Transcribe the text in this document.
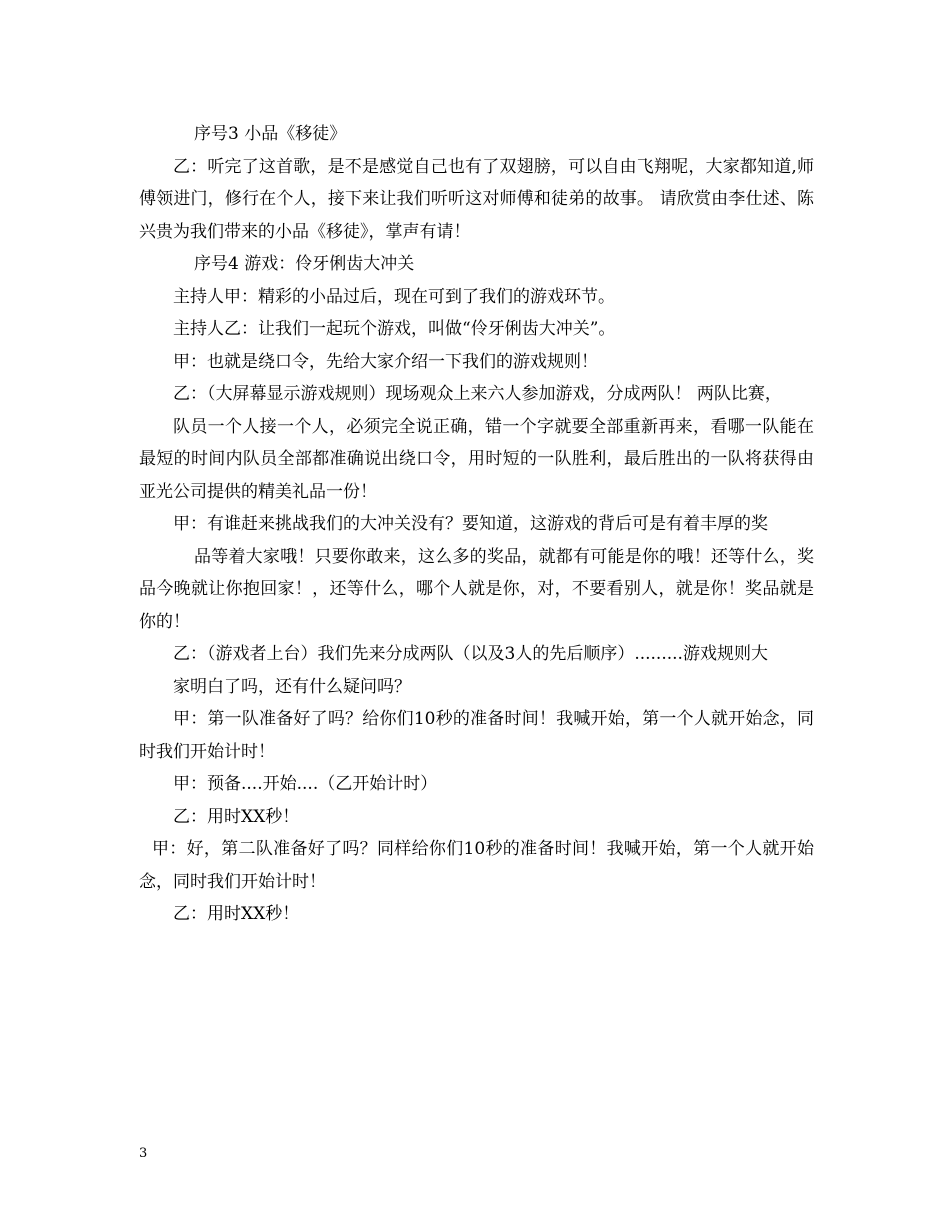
序号3 小品《移徒》

乙：听完了这首歌，是不是感觉自己也有了双翅膀，可以自由飞翔呢，大家都知道,师傅领进门，修行在个人，接下来让我们听听这对师傅和徒弟的故事。 请欣赏由李仕述、陈兴贵为我们带来的小品《移徒》，掌声有请！

序号4 游戏：伶牙俐齿大冲关

主持人甲：精彩的小品过后，现在可到了我们的游戏环节。

主持人乙：让我们一起玩个游戏，叫做“伶牙俐齿大冲关”。

甲：也就是绕口令，先给大家介绍一下我们的游戏规则！

乙：（大屏幕显示游戏规则）现场观众上来六人参加游戏，分成两队！ 两队比赛，

队员一个人接一个人，必须完全说正确，错一个字就要全部重新再来，看哪一队能在最短的时间内队员全部都准确说出绕口令，用时短的一队胜利，最后胜出的一队将获得由亚光公司提供的精美礼品一份！

甲：有谁赶来挑战我们的大冲关没有？要知道，这游戏的背后可是有着丰厚的奖

品等着大家哦！只要你敢来，这么多的奖品，就都有可能是你的哦！还等什么，奖品今晚就让你抱回家！，还等什么，哪个人就是你，对，不要看别人，就是你！奖品就是你的！

乙：（游戏者上台）我们先来分成两队（以及3人的先后顺序）.........游戏规则大

家明白了吗，还有什么疑问吗？

甲：第一队准备好了吗？给你们10秒的准备时间！我喊开始，第一个人就开始念，同时我们开始计时！

甲：预备....开始....（乙开始计时）

乙：用时XX秒！

甲：好，第二队准备好了吗？同样给你们10秒的准备时间！我喊开始，第一个人就开始念，同时我们开始计时！

乙：用时XX秒！

3
